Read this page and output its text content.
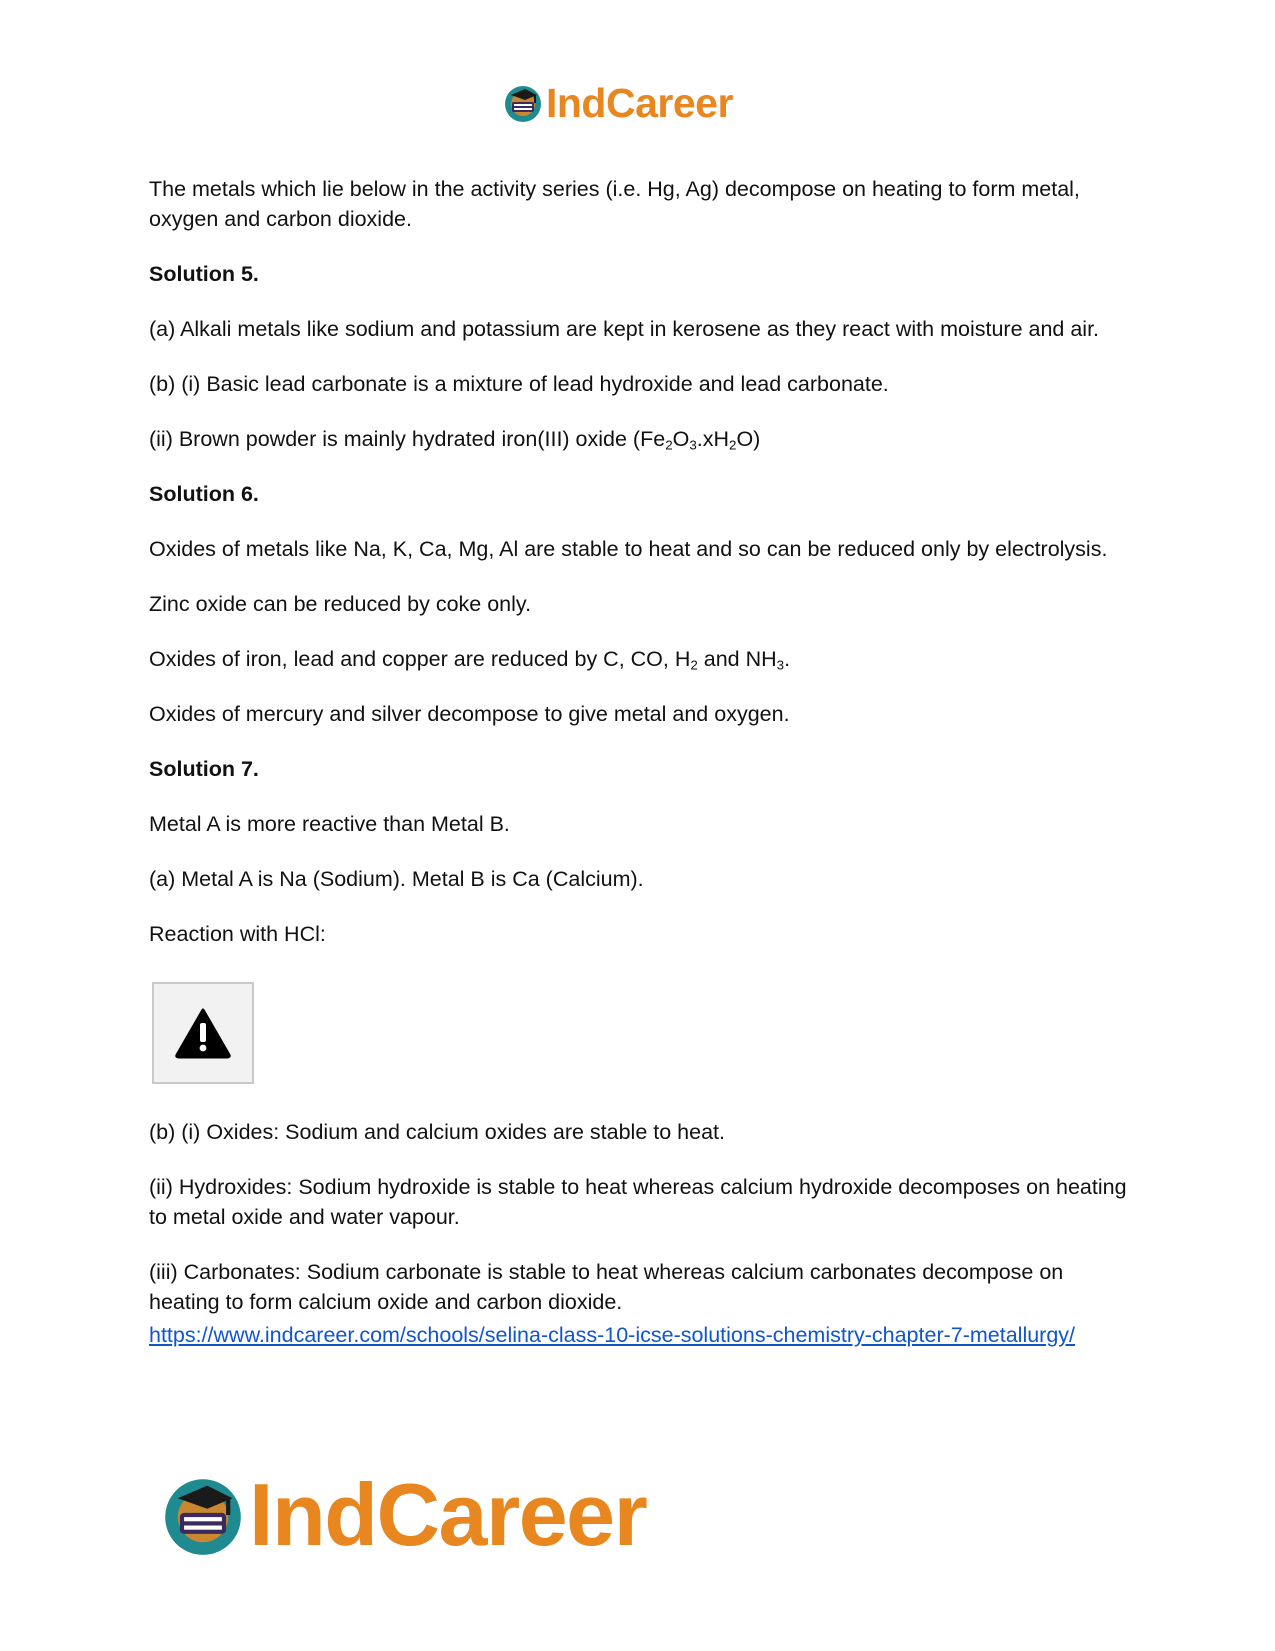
IndCareer

The metals which lie below in the activity series (i.e. Hg, Ag) decompose on heating to form metal, oxygen and carbon dioxide.

Solution 5.

(a) Alkali metals like sodium and potassium are kept in kerosene as they react with moisture and air.

(b) (i) Basic lead carbonate is a mixture of lead hydroxide and lead carbonate.

(ii) Brown powder is mainly hydrated iron(III) oxide $(Fe_2O_3.xH_2O)$

Solution 6.

Oxides of metals like Na, K, Ca, Mg, Al are stable to heat and so can be reduced only by electrolysis.

Zinc oxide can be reduced by coke only.

Oxides of iron, lead and copper are reduced by C, CO, $H_2$ and $NH_3$.

Oxides of mercury and silver decompose to give metal and oxygen.

Solution 7.

Metal A is more reactive than Metal B.

(a) Metal A is Na (Sodium). Metal B is Ca (Calcium).

Reaction with HCl:

(b) (i) Oxides: Sodium and calcium oxides are stable to heat.

(ii) Hydroxides: Sodium hydroxide is stable to heat whereas calcium hydroxide decomposes on heating to metal oxide and water vapour.

(iii) Carbonates: Sodium carbonate is stable to heat whereas calcium carbonates decompose on heating to form calcium oxide and carbon dioxide.

https://www.indcareer.com/schools/selina-class-10-icse-solutions-chemistry-chapter-7-metallurgy/
IndCareer
